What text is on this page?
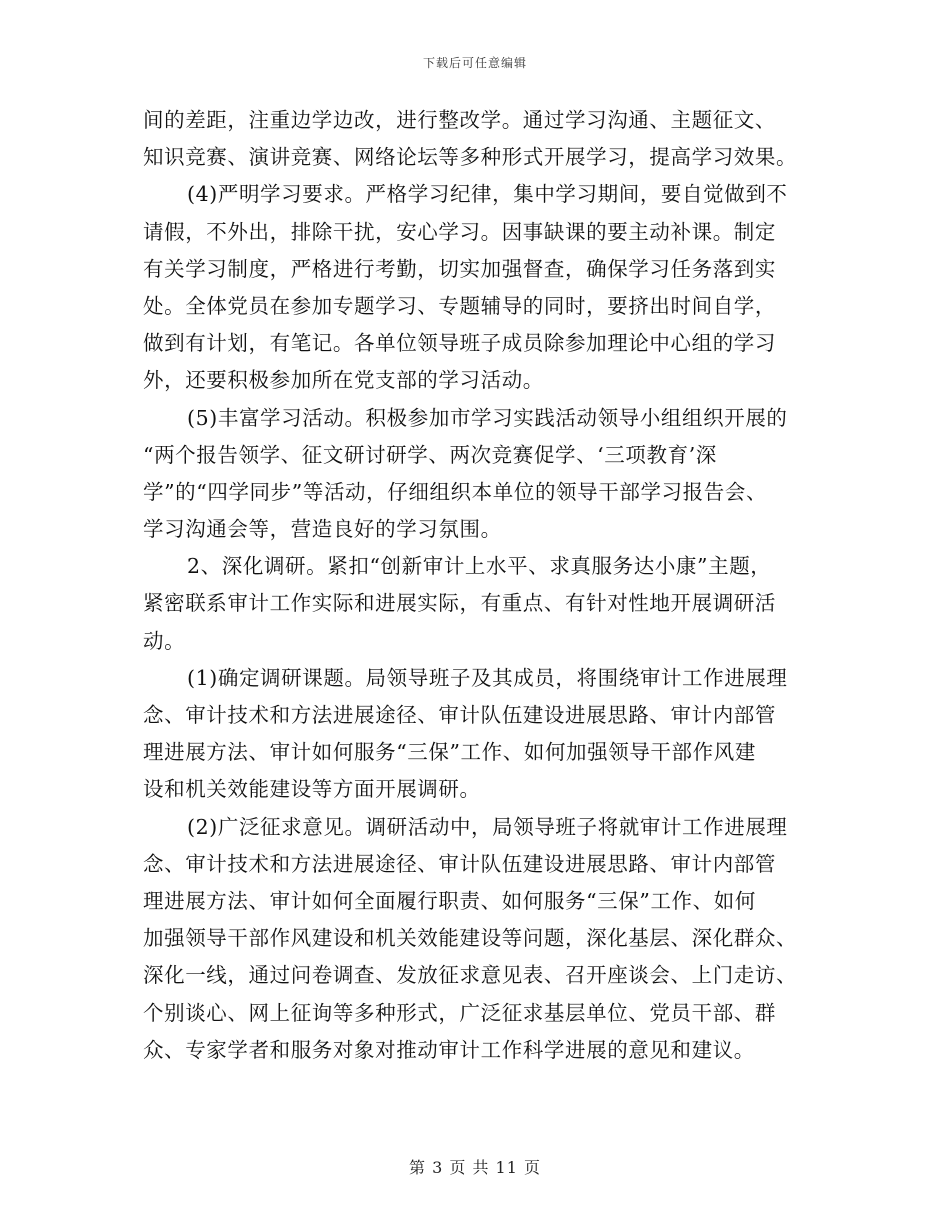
下载后可任意编辑
间的差距，注重边学边改，进行整改学。通过学习沟通、主题征文、
知识竞赛、演讲竞赛、网络论坛等多种形式开展学习，提高学习效果。
(4)严明学习要求。严格学习纪律，集中学习期间，要自觉做到不
请假，不外出，排除干扰，安心学习。因事缺课的要主动补课。制定
有关学习制度，严格进行考勤，切实加强督查，确保学习任务落到实
处。全体党员在参加专题学习、专题辅导的同时，要挤出时间自学，
做到有计划，有笔记。各单位领导班子成员除参加理论中心组的学习
外，还要积极参加所在党支部的学习活动。
(5)丰富学习活动。积极参加市学习实践活动领导小组组织开展的
“两个报告领学、征文研讨研学、两次竞赛促学、‘三项教育’深
学”的“四学同步”等活动，仔细组织本单位的领导干部学习报告会、
学习沟通会等，营造良好的学习氛围。
2、深化调研。紧扣“创新审计上水平、求真服务达小康”主题，
紧密联系审计工作实际和进展实际，有重点、有针对性地开展调研活
动。
(1)确定调研课题。局领导班子及其成员，将围绕审计工作进展理
念、审计技术和方法进展途径、审计队伍建设进展思路、审计内部管
理进展方法、审计如何服务“三保”工作、如何加强领导干部作风建
设和机关效能建设等方面开展调研。
(2)广泛征求意见。调研活动中，局领导班子将就审计工作进展理
念、审计技术和方法进展途径、审计队伍建设进展思路、审计内部管
理进展方法、审计如何全面履行职责、如何服务“三保”工作、如何
加强领导干部作风建设和机关效能建设等问题，深化基层、深化群众、
深化一线，通过问卷调查、发放征求意见表、召开座谈会、上门走访、
个别谈心、网上征询等多种形式，广泛征求基层单位、党员干部、群
众、专家学者和服务对象对推动审计工作科学进展的意见和建议。
第 3 页 共 11 页
